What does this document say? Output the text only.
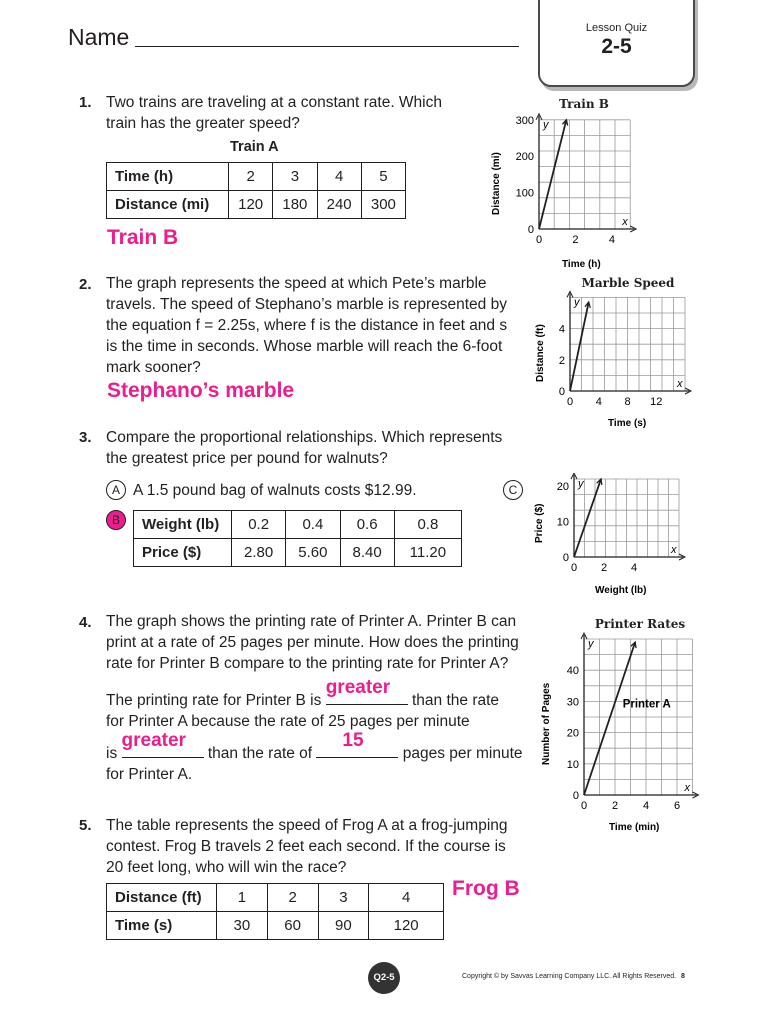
Name	Lesson Quiz
2-5
1. Two trains are traveling at a constant rate. Which
train has the greater speed?
Train A
Time (h)	2	3	4	5
Distance (mi)	120	180	240	300
Train B
Train B
Distance (mi)
x
y
0	2	4
0
100
200
300
Time (h)
2. The graph represents the speed at which Pete’s marble
travels. The speed of Stephano’s marble is represented by
the equation f = 2.25s, where f is the distance in feet and s
is the time in seconds. Whose marble will reach the 6-foot
mark sooner?
Stephano’s marble
Marble Speed
Distance (ft)
x
y
0 4 8 12
0
2
4
Time (s)
3. Compare the proportional relationships. Which represents
the greatest price per pound for walnuts?
A A 1.5 pound bag of walnuts costs $12.99.
B	Weight (lb)	0.2	0.4	0.6	0.8
Price ($)	2.80	5.60	8.40	11.20
C
Price ($)
x
y
0 2 4
0
10
20
Weight (lb)
4. The graph shows the printing rate of Printer A. Printer B can
print at a rate of 25 pages per minute. How does the printing
rate for Printer B compare to the printing rate for Printer A?
The printing rate for Printer B is
greater
than the rate
for Printer A because the rate of 25 pages per minute
is
greater
than the rate of
15
pages per minute
for Printer A.
Printer Rates
Number of Pages
x
y
0 2 4 6
0
10
20
30
40
Printer A
Time (min)
5. The table represents the speed of Frog A at a frog-jumping
contest. Frog B travels 2 feet each second. If the course is
20 feet long, who will win the race?
Distance (ft)	1	2	3	4
Time (s)	30	60	90	120
Frog B
Q2-5	Copyright © by Savvas Learning Company LLC. All Rights Reserved. 8
